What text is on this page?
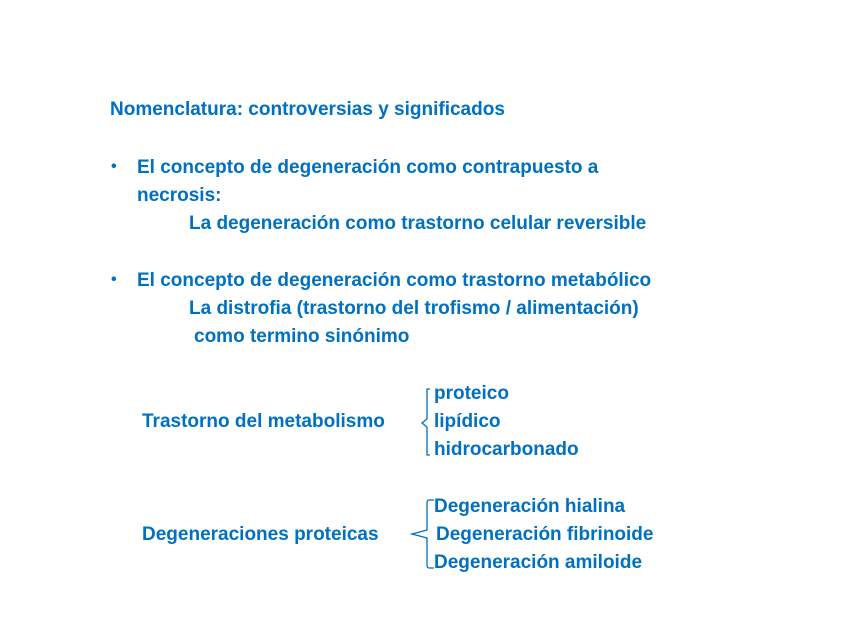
Nomenclatura: controversias y significados
• El concepto de degeneración como contrapuesto a
necrosis:
La degeneración como trastorno celular reversible
• El concepto de degeneración como trastorno metabólico
La distrofia (trastorno del trofismo / alimentación)
como termino sinónimo
Trastorno del metabolismo
proteico
lipídico
hidrocarbonado
Degeneraciones proteicas
Degeneración hialina
Degeneración fibrinoide
Degeneración amiloide
